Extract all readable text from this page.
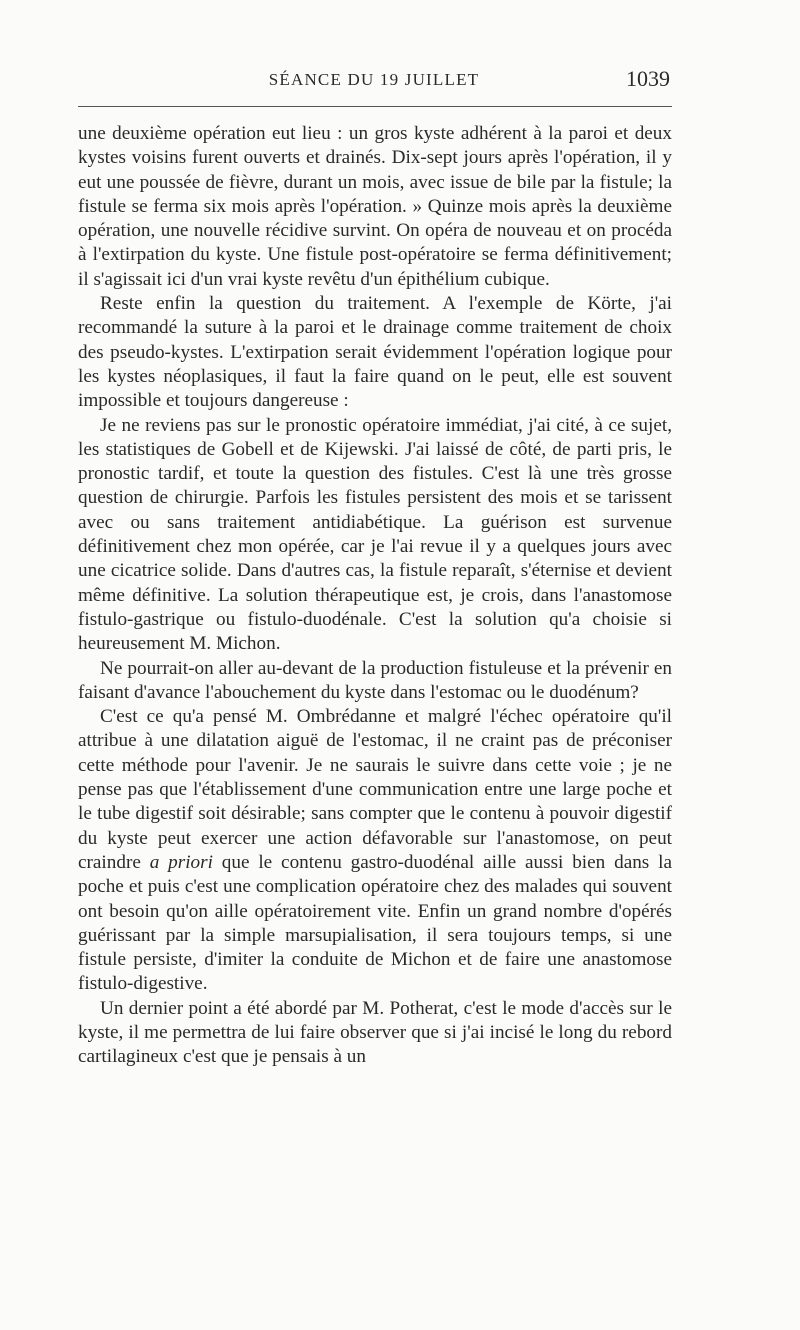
SÉANCE DU 19 JUILLET	1039

une deuxième opération eut lieu : un gros kyste adhérent à la paroi et deux kystes voisins furent ouverts et drainés. Dix-sept jours après l'opération, il y eut une poussée de fièvre, durant un mois, avec issue de bile par la fistule; la fistule se ferma six mois après l'opération. » Quinze mois après la deuxième opération, une nouvelle récidive survint. On opéra de nouveau et on procéda à l'extirpation du kyste. Une fistule post-opératoire se ferma définitivement; il s'agissait ici d'un vrai kyste revêtu d'un épithélium cubique.

Reste enfin la question du traitement. A l'exemple de Körte, j'ai recommandé la suture à la paroi et le drainage comme traitement de choix des pseudo-kystes. L'extirpation serait évidemment l'opération logique pour les kystes néoplasiques, il faut la faire quand on le peut, elle est souvent impossible et toujours dangereuse :

Je ne reviens pas sur le pronostic opératoire immédiat, j'ai cité, à ce sujet, les statistiques de Gobell et de Kijewski. J'ai laissé de côté, de parti pris, le pronostic tardif, et toute la question des fistules. C'est là une très grosse question de chirurgie. Parfois les fistules persistent des mois et se tarissent avec ou sans traitement antidiabétique. La guérison est survenue définitivement chez mon opérée, car je l'ai revue il y a quelques jours avec une cicatrice solide. Dans d'autres cas, la fistule reparaît, s'éternise et devient même définitive. La solution thérapeutique est, je crois, dans l'anastomose fistulo-gastrique ou fistulo-duodénale. C'est la solution qu'a choisie si heureusement M. Michon.

Ne pourrait-on aller au-devant de la production fistuleuse et la prévenir en faisant d'avance l'abouchement du kyste dans l'estomac ou le duodénum?

C'est ce qu'a pensé M. Ombrédanne et malgré l'échec opératoire qu'il attribue à une dilatation aiguë de l'estomac, il ne craint pas de préconiser cette méthode pour l'avenir. Je ne saurais le suivre dans cette voie ; je ne pense pas que l'établissement d'une communication entre une large poche et le tube digestif soit désirable; sans compter que le contenu à pouvoir digestif du kyste peut exercer une action défavorable sur l'anastomose, on peut craindre a priori que le contenu gastro-duodénal aille aussi bien dans la poche et puis c'est une complication opératoire chez des malades qui souvent ont besoin qu'on aille opératoirement vite. Enfin un grand nombre d'opérés guérissant par la simple marsupialisation, il sera toujours temps, si une fistule persiste, d'imiter la conduite de Michon et de faire une anastomose fistulo-digestive.

Un dernier point a été abordé par M. Potherat, c'est le mode d'accès sur le kyste, il me permettra de lui faire observer que si j'ai incisé le long du rebord cartilagineux c'est que je pensais à un
